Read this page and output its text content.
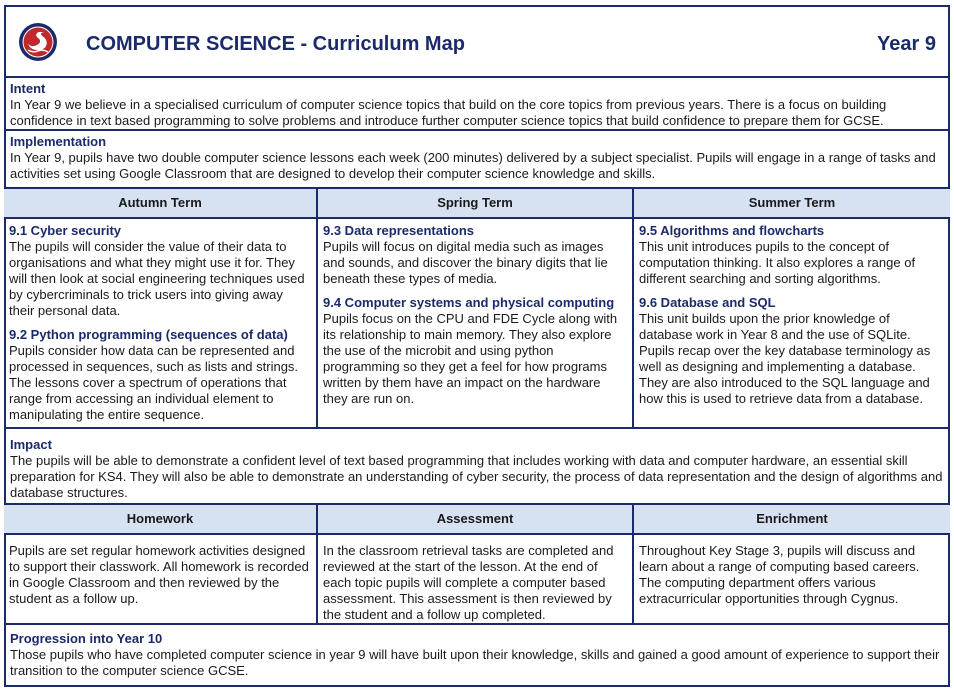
COMPUTER SCIENCE - Curriculum Map	Year 9
Intent

In Year 9 we believe in a specialised curriculum of computer science topics that build on the core topics from previous years. There is a focus on building confidence in text based programming to solve problems and introduce further computer science topics that build confidence to prepare them for GCSE.

Implementation

In Year 9, pupils have two double computer science lessons each week (200 minutes) delivered by a subject specialist. Pupils will engage in a range of tasks and activities set using Google Classroom that are designed to develop their computer science knowledge and skills.

Autumn Term
9.1 Cyber security

The pupils will consider the value of their data to organisations and what they might use it for. They will then look at social engineering techniques used by cybercriminals to trick users into giving away their personal data.

9.2 Python programming (sequences of data)

Pupils consider how data can be represented and processed in sequences, such as lists and strings. The lessons cover a spectrum of operations that range from accessing an individual element to manipulating the entire sequence.

Spring Term
9.3 Data representations

Pupils will focus on digital media such as images and sounds, and discover the binary digits that lie beneath these types of media.

9.4 Computer systems and physical computing

Pupils focus on the CPU and FDE Cycle along with its relationship to main memory. They also explore the use of the microbit and using python programming so they get a feel for how programs written by them have an impact on the hardware they are run on.

Summer Term
9.5 Algorithms and flowcharts

This unit introduces pupils to the concept of computation thinking. It also explores a range of different searching and sorting algorithms.

9.6 Database and SQL

This unit builds upon the prior knowledge of database work in Year 8 and the use of SQLite. Pupils recap over the key database terminology as well as designing and implementing a database. They are also introduced to the SQL language and how this is used to retrieve data from a database.

Impact

The pupils will be able to demonstrate a confident level of text based programming that includes working with data and computer hardware, an essential skill preparation for KS4. They will also be able to demonstrate an understanding of cyber security, the process of data representation and the design of algorithms and database structures.

Homework

Pupils are set regular homework activities designed to support their classwork. All homework is recorded in Google Classroom and then reviewed by the student as a follow up.

Assessment

In the classroom retrieval tasks are completed and reviewed at the start of the lesson. At the end of each topic pupils will complete a computer based assessment. This assessment is then reviewed by the student and a follow up completed.

Enrichment

Throughout Key Stage 3, pupils will discuss and learn about a range of computing based careers. The computing department offers various extracurricular opportunities through Cygnus.

Progression into Year 10

Those pupils who have completed computer science in year 9 will have built upon their knowledge, skills and gained a good amount of experience to support their transition to the computer science GCSE.
